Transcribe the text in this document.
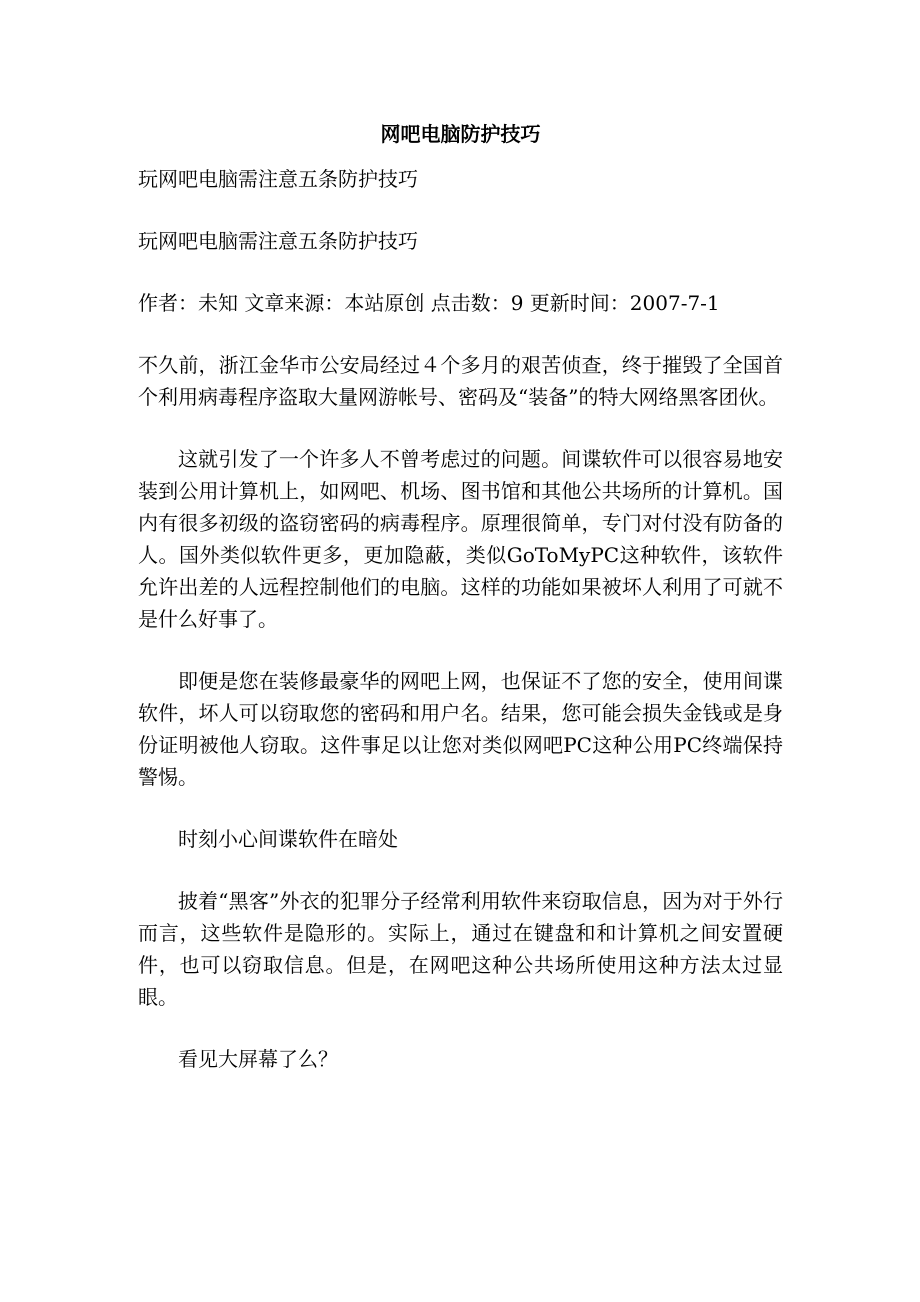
网吧电脑防护技巧

玩网吧电脑需注意五条防护技巧

玩网吧电脑需注意五条防护技巧

作者：未知 文章来源：本站原创 点击数：9 更新时间：2007-7-1

不久前，浙江金华市公安局经过４个多月的艰苦侦查，终于摧毁了全国首个利用病毒程序盗取大量网游帐号、密码及“装备”的特大网络黑客团伙。

这就引发了一个许多人不曾考虑过的问题。间谍软件可以很容易地安装到公用计算机上，如网吧、机场、图书馆和其他公共场所的计算机。国内有很多初级的盗窃密码的病毒程序。原理很简单，专门对付没有防备的人。国外类似软件更多，更加隐蔽，类似GoToMyPC这种软件，该软件允许出差的人远程控制他们的电脑。这样的功能如果被坏人利用了可就不是什么好事了。

即便是您在装修最豪华的网吧上网，也保证不了您的安全，使用间谍软件，坏人可以窃取您的密码和用户名。结果，您可能会损失金钱或是身份证明被他人窃取。这件事足以让您对类似网吧PC这种公用PC终端保持警惕。

时刻小心间谍软件在暗处

披着“黑客”外衣的犯罪分子经常利用软件来窃取信息，因为对于外行而言，这些软件是隐形的。实际上，通过在键盘和和计算机之间安置硬件，也可以窃取信息。但是，在网吧这种公共场所使用这种方法太过显眼。

看见大屏幕了么？
